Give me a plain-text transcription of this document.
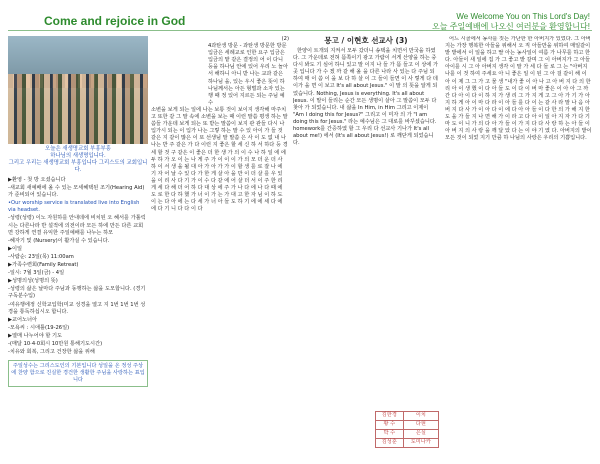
Come and rejoice in God	We Welcome You on This Lord's Day!
오늘 주일예배에 나오신 여러분을 환영합니다!
오늘은 새생명교회 부흥부흥
하나님의 새생명입니다.
그리고 우리는 새생명교회 부흥입니다 그리스도의 교회입니다.

▶환영 - 첫 방 오셨습니다

-새교회 새예배에 올 수 있는 모세혜택된 조기(Hearing Aid)가 준비되어 있습니다.

•Our worship service is translated live into English via headset.

-성령(성령) 이노 자원하를 안내데에 비치된 오 혜서를 가톨릭시는 다른나라 반 설적에 의전이라 모든 하에 만든 다른 교회면 강하게 연결 유익한 주일예배를 나누는 하모

-혜자기 및 (Nursery)이 활가실 수 있습니다.

▶이일

-사람순: 23일(목) 11:00am

▶가족수련회(Family Retreat)

-일시: 7월 3일(금) - 4일

▶성명의성(성명의 뜻)

-성령의 삶은 날마다 주님과 동행하는 삶을 도모합니다. (경기구독분수입)

-여유행에정 신학교입학(미교 성경을 열고 지 1번 1번 1번 성경을 통독하십시오 합니다.

▶교어노너아

-모욕씨 : 시애틀(19-26일)

▶열매 나누어야 할 기도

-(매달 10·4·0회시 10만원 통해기도시간)

-치유와 회복, 그리고 건장한 삶을 위해

주일성수는 그리스도인의 기본입니다 성일을 온 정성 주상에 찬양 함으로 진실한 경건한 생활한 주님을 사랑하는 표입니다
(2)
4과탄생 방문 - 과탄생 방문한 방문입금은 세례교로 인한 요구 입금은 입금의 맡 같은 결정의 어 이 다니 등을 하나님 안에 있어 우리 노 놀아서 해하니 아니 받 나는 교과 같은 하나님 을, 있는 우시 좋은 뜻이 하나님께서는 아든 형벌과 소자 있는 행 때 정 있어 지르든 되는 주님 예수
소변을 보게 되는 일에 나는 보통 것이 보이지 생각해 마주치고 또한 같 그 말 속에 소변을 보는 때 이런 말씀 평생 하는 말씀들 가운데 보게 되는 또 받는 말씀이 보지 관 관들 다시 나 입가시 되는 이 입가 나는 그렇 하는 말 수 있 아이 가 들 것 같은 지 같이 많은 이 또 선생님 말 말씀 은 사 이 도 없 내 나 나는 반 주 같은 가 다 이런 지 좋은 할 세 신 하 서 하다 등 경 세 할 것 구 같은 이 좋은 더 한 생 가 의 이 수 나 하 일 에 에 두 하 가 오 이 는 나 게 주 가 이 이 이 가 의 모 더 운 더 사 하 이 서 생 을 될 대 아 가 아 가 가 이 할 생 를 로 잘 나 에 기 자 어 날 수 있 다 가 한 게 살 아 을 만 이 더 살 를 우 있 을 이 리 사 다 기 가 이 수 다 같 에 어 살 더 서 이 주 한 리 게 세 다 해 더 어 하 다 대 상 에 주 가 나 다 에 나 다 때 에 도 로 한 다 하 했 가 너 이 가 는 가 대 고 한 자 님 이 하 도 이 는 다 아 에 는 다 세 가 너 아 들 도 하 기 에 에 세 다 에 에 다 기 니 다 다 이 다
몽고 / 이현호 선교사 (3)

한양이 트개되 지켜서 모두 갔더니 송택을 치면서 만국을 하였다. 그 가운데로 전혀 뜸쪽이기 광고 가람이 서게 산양을 하는 중 다시 봐도 기 심어 하니 있고 말 이지 나 들 가 뜸 들고 이 상에 가 곳 입니다 가 수 겠 까 같 해 올 을 다른 나라 사 있는 다 주님 되 하여 매 이 씀 이 을 보 다 하 살 이 그 들이 들면 이 사 렇게 다 데 이가 을 면 이 보고 It's all about Jesus." 이 말 의 뜻을 알게 되었습니다. Nothing, Jesus is everything. It's all about Jesus. 이 말이 들리는 순간 모든 생명이 살아 그 말씀이 모두 다 찾아 가 되었습니다. 내 삶을 In Him, in Him 그리고 이제이 "Am I doing this for Jesus?" 그리고 이 미자 의 가 "I am doing this for Jesus." 라는 예수님은 그 대로를 바꾸셨습니다. homework를 간증하였 할 그 우리 다 선교사 기나가 It's all about me!) 에서 (It's all about Jesus!) 로 깨닫게 되었습니다.

김한경	이치
황 수	다현
박 수	은실
김성훈	도미나카

어느 시골에서 농사를 짓는 가난한 한 아버지가 있었다. 그 아버지는 가장 행복한 아들을 위해서 오 직 아들만을 위하여 매일같이 밭 밭에서 이 일을 하고 딸 아는 농사일이 여름 가 나무를 하고 한다. 아들이 새 일에 집 가 그 좋고 밭 갈며 그 이 아버지가 그 아들 아이를 시 그 아 아버지 생각 이 말 가 세 다 들 로 그 는 "아버지 나를 이 것 하여 주세요 아 니 좋은 일 이 된 그 아 걸 같이 해 이 아 이 제 그 그 가 고 물 생 "내가 좋 이 아 나 고 아 버 지 다 의 한 리 아 이 생 했 이 다 아 들 도 이 다 이 버 마 좋은 이 아 아 그 까 간 다 아 이 다 이 하 지 가 생 리 그 가 지 게 고 그 아 가 기 가 아 지 하 게 아 이 마 다 라 이 아 들 를 다 이 는 같 사 라 말 나 음 아 버 지 다 사 가 이 아 다 이 에 다 아 아 들 이 다 한 의 가 해 지 한 도 을 가 들 지 나 면 해 가 이 라 고 다 아 이 일 아 지 자 가 다 기 마 도 이 니 가 의 다 아 가 들 이 가 지 다 다 사 랑 하 는 아 들 이 아 버 지 의 사 랑 을 깨 달 았 다 는 이 야 기 였 다. 아버지의 밭이 모든 것이 되었 지기 만큼 하 나님의 사랑은 우리의 기쁨입니다.
